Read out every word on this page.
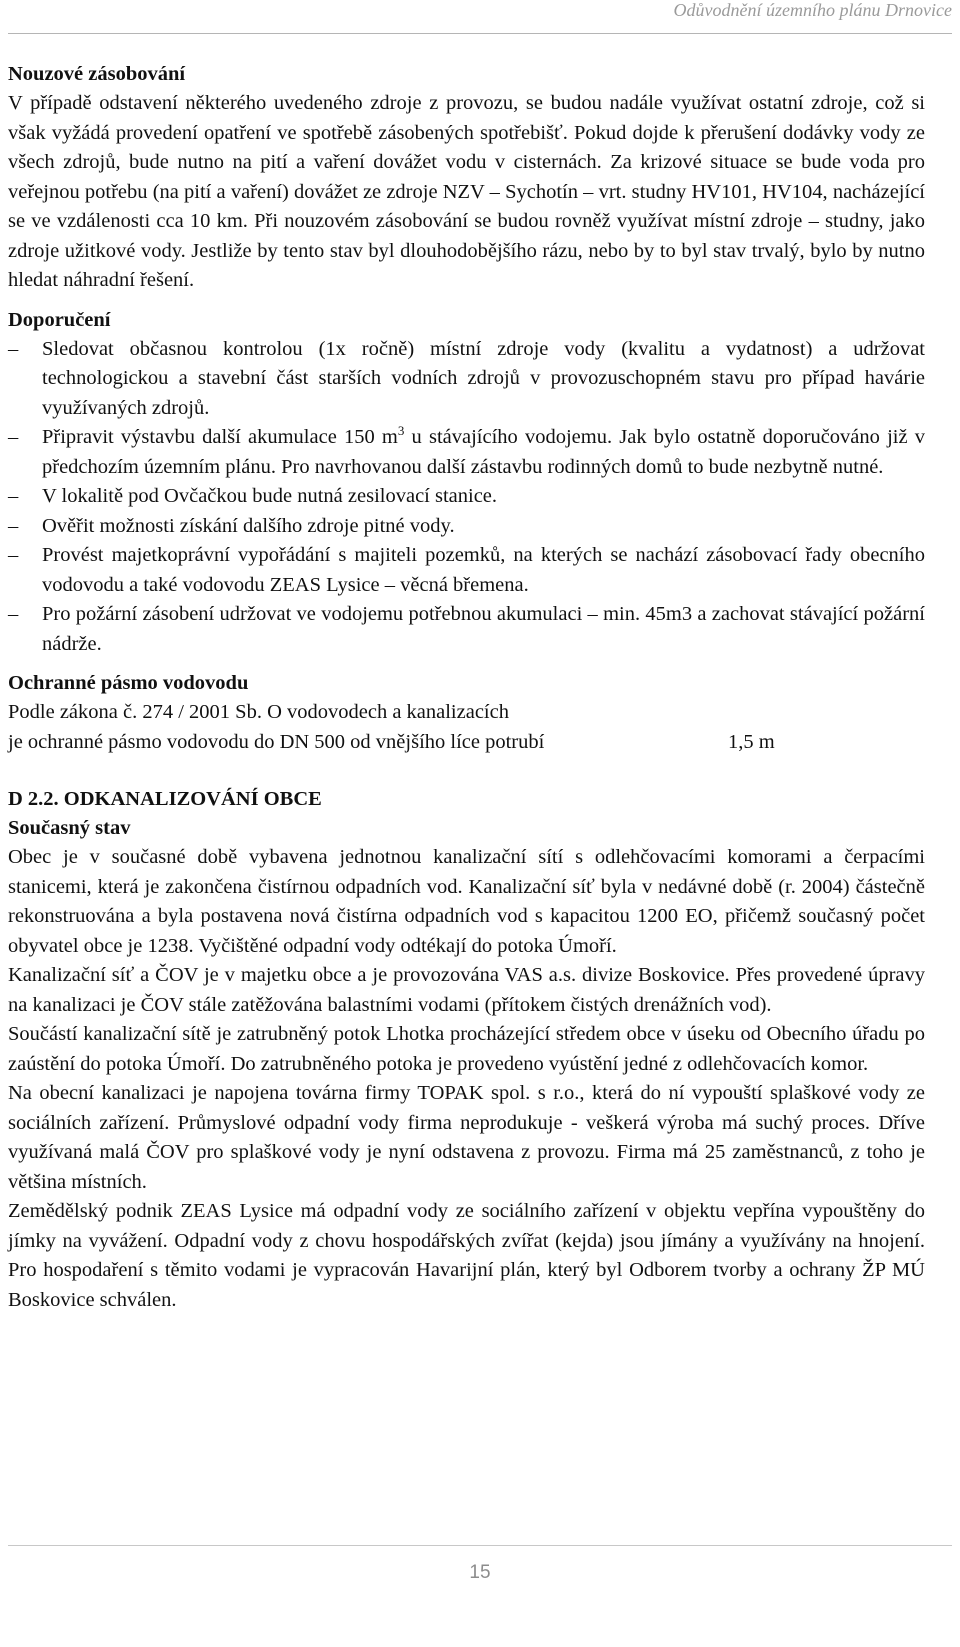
Odůvodnění územního plánu Drnovice

Nouzové zásobování

V případě odstavení některého uvedeného zdroje z provozu, se budou nadále využívat ostatní zdroje, což si však vyžádá provedení opatření ve spotřebě zásobených spotřebišť. Pokud dojde k přerušení dodávky vody ze všech zdrojů, bude nutno na pití a vaření dovážet vodu v cisternách. Za krizové situace se bude voda pro veřejnou potřebu (na pití a vaření) dovážet ze zdroje NZV – Sychotín – vrt. studny HV101, HV104, nacházející se ve vzdálenosti cca 10 km. Při nouzovém zásobování se budou rovněž využívat místní zdroje – studny, jako zdroje užitkové vody. Jestliže by tento stav byl dlouhodobějšího rázu, nebo by to byl stav trvalý, bylo by nutno hledat náhradní řešení.

Doporučení

–	Sledovat občasnou kontrolou (1x ročně) místní zdroje vody (kvalitu a vydatnost) a udržovat technologickou a stavební část starších vodních zdrojů v provozuschopném stavu pro případ havárie využívaných zdrojů.
–	Připravit výstavbu další akumulace 150 $m^3$ u stávajícího vodojemu. Jak bylo ostatně doporučováno již v předchozím územním plánu. Pro navrhovanou další zástavbu rodinných domů to bude nezbytně nutné.
–	V lokalitě pod Ovčačkou bude nutná zesilovací stanice.
–	Ověřit možnosti získání dalšího zdroje pitné vody.
–	Provést majetkoprávní vypořádání s majiteli pozemků, na kterých se nachází zásobovací řady obecního vodovodu a také vodovodu ZEAS Lysice – věcná břemena.
–	Pro požární zásobení udržovat ve vodojemu potřebnou akumulaci – min. 45m3 a zachovat stávající požární nádrže.

Ochranné pásmo vodovodu

Podle zákona č. 274 / 2001 Sb. O vodovodech a kanalizacích

je ochranné pásmo vodovodu do DN 500 od vnějšího líce potrubí	1,5 m

D 2.2. ODKANALIZOVÁNÍ OBCE

Současný stav

Obec je v současné době vybavena jednotnou kanalizační sítí s odlehčovacími komorami a čerpacími stanicemi, která je zakončena čistírnou odpadních vod. Kanalizační síť byla v nedávné době (r. 2004) částečně rekonstruována a byla postavena nová čistírna odpadních vod s kapacitou 1200 EO, přičemž současný počet obyvatel obce je 1238. Vyčištěné odpadní vody odtékají do potoka Úmoří.

Kanalizační síť a ČOV je v majetku obce a je provozována VAS a.s. divize Boskovice. Přes provedené úpravy na kanalizaci je ČOV stále zatěžována balastními vodami (přítokem čistých drenážních vod).

Součástí kanalizační sítě je zatrubněný potok Lhotka procházející středem obce v úseku od Obecního úřadu po zaústění do potoka Úmoří. Do zatrubněného potoka je provedeno vyústění jedné z odlehčovacích komor.

Na obecní kanalizaci je napojena továrna firmy TOPAK spol. s r.o., která do ní vypouští splaškové vody ze sociálních zařízení. Průmyslové odpadní vody firma neprodukuje - veškerá výroba má suchý proces. Dříve využívaná malá ČOV pro splaškové vody je nyní odstavena z provozu. Firma má 25 zaměstnanců, z toho je většina místních.

Zemědělský podnik ZEAS Lysice má odpadní vody ze sociálního zařízení v objektu vepřína vypouštěny do jímky na vyvážení. Odpadní vody z chovu hospodářských zvířat (kejda) jsou jímány a využívány na hnojení. Pro hospodaření s těmito vodami je vypracován Havarijní plán, který byl Odborem tvorby a ochrany ŽP MÚ Boskovice schválen.

15
